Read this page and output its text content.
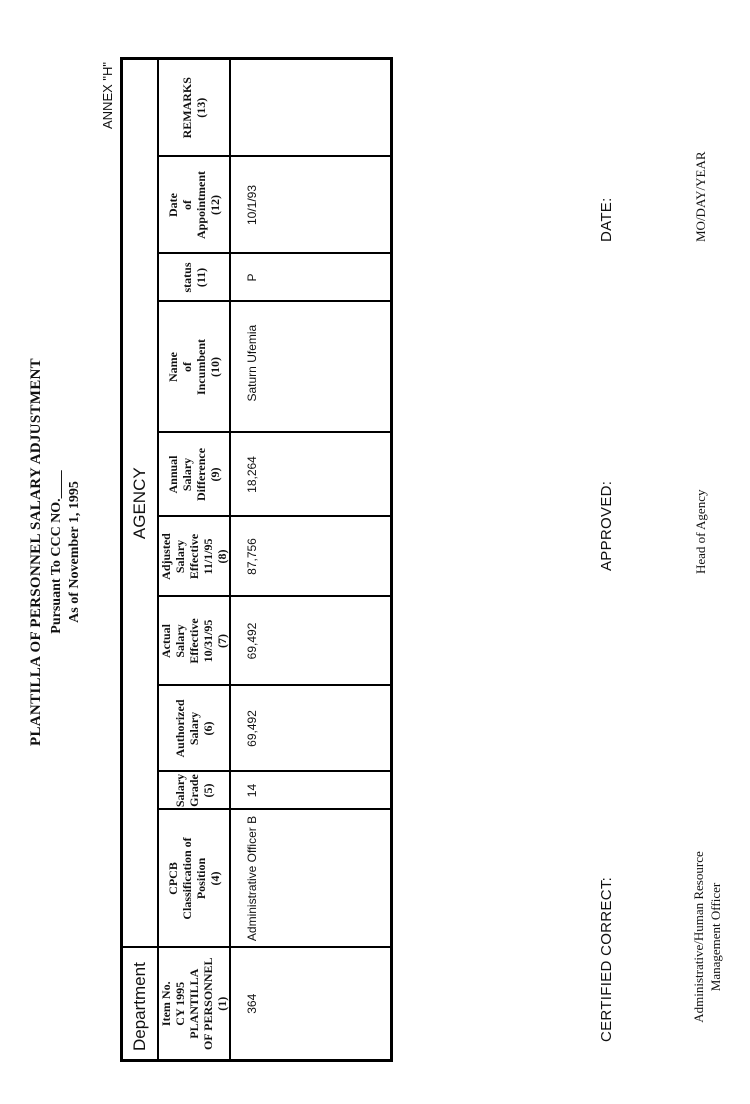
PLANTILLA OF PERSONNEL SALARY ADJUSTMENT Pursuant To CCC NO.____ As of November 1, 1995
ANNEX "H"
Department	AGENCY									

Item No. CY 1995 PLANTILLA OF PERSONNEL (1)	CPCB Classification of Position (4)	Salary Grade (5)	Authorized Salary (6)	Actual Salary Effective 10/31/95 (7)	Adjusted Salary Effective 11/1/95 (8)	Annual Salary Difference (9)	Name of Incumbent (10)	status (11)	Date of Appointment (12)	REMARKS (13)

364	Administrative Officer B	14	69,492	69,492	87,756	18,264	Saturn Ufemia	P	10/1/93	
CERTIFIED CORRECT:
APPROVED:
DATE:
Administrative/Human Resource Management Officer
Head of Agency
MO/DAY/YEAR
